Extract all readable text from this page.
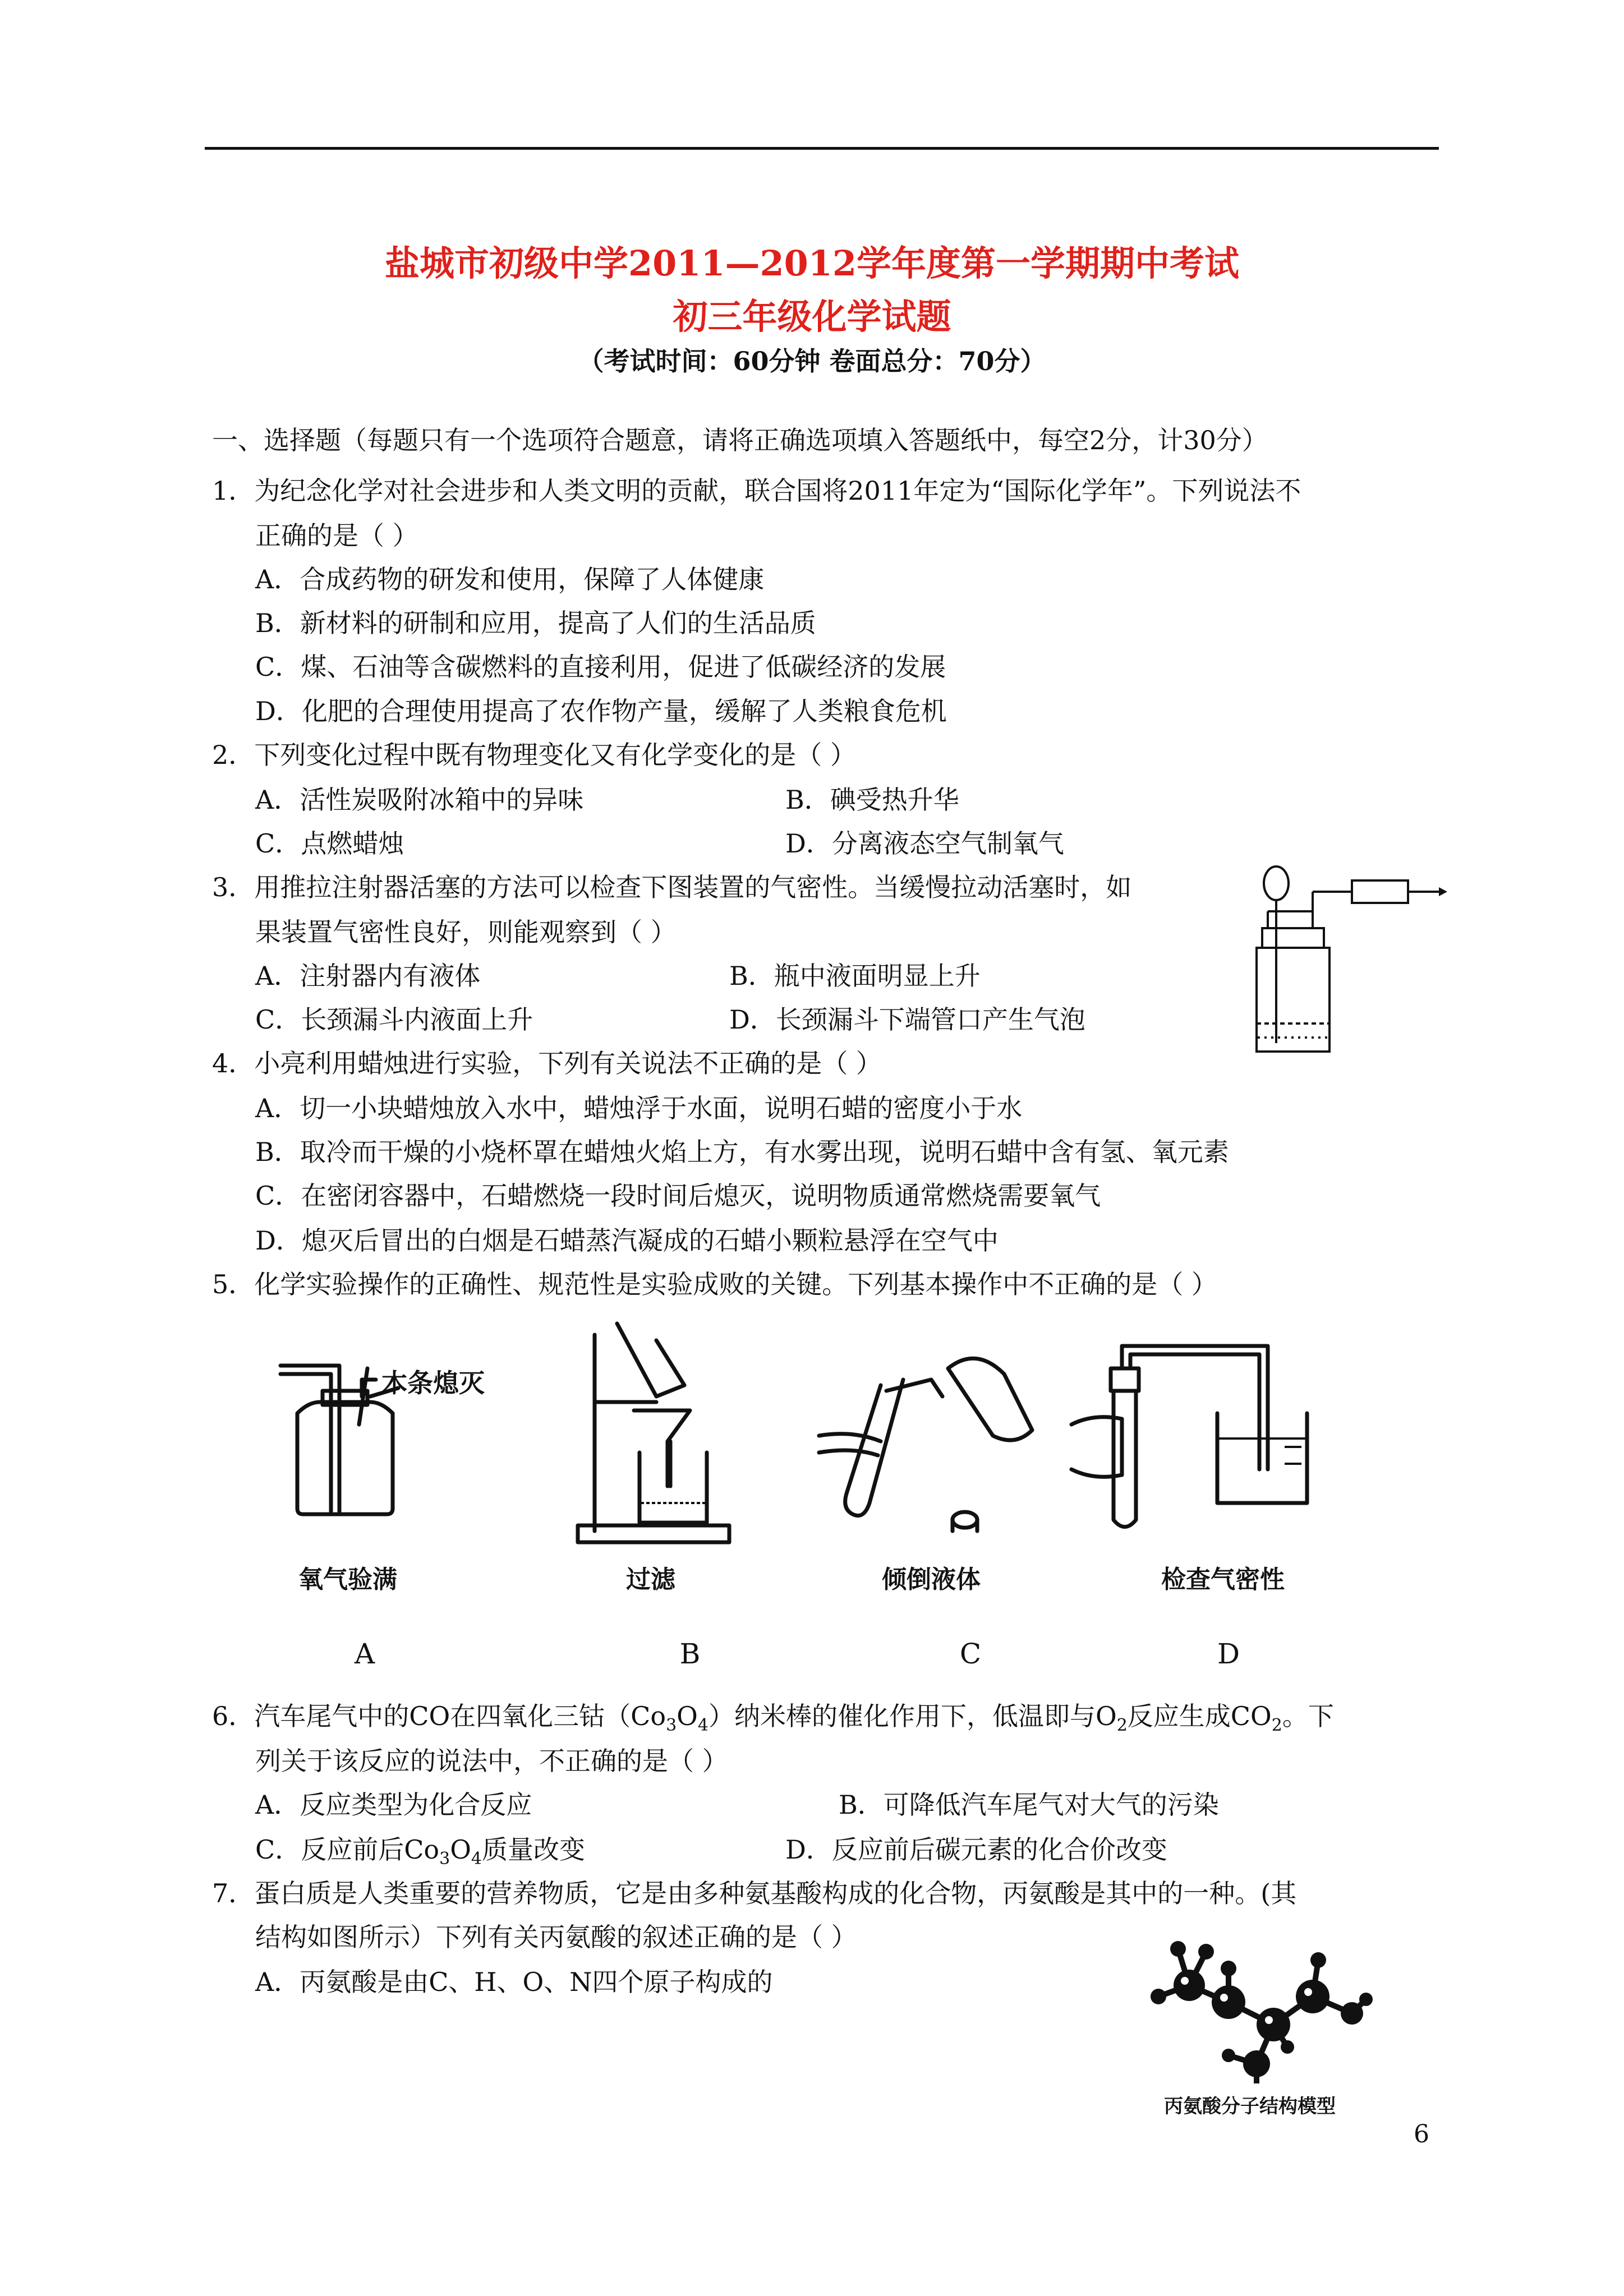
盐城市初级中学2011—2012学年度第一学期期中考试
初三年级化学试题
（考试时间：60分钟 卷面总分：70分）
一、选择题（每题只有一个选项符合题意，请将正确选项填入答题纸中，每空2分，计30分）
1．为纪念化学对社会进步和人类文明的贡献，联合国将2011年定为“国际化学年”。下列说法不
正确的是（ ）
A．合成药物的研发和使用，保障了人体健康
B．新材料的研制和应用，提高了人们的生活品质
C．煤、石油等含碳燃料的直接利用，促进了低碳经济的发展
D．化肥的合理使用提高了农作物产量，缓解了人类粮食危机
2．下列变化过程中既有物理变化又有化学变化的是（ ）
A．活性炭吸附冰箱中的异味	B．碘受热升华
C．点燃蜡烛	D．分离液态空气制氧气
3．用推拉注射器活塞的方法可以检查下图装置的气密性。当缓慢拉动活塞时，如
果装置气密性良好，则能观察到（ ）
A．注射器内有液体	B．瓶中液面明显上升
C．长颈漏斗内液面上升	D．长颈漏斗下端管口产生气泡
4．小亮利用蜡烛进行实验，下列有关说法不正确的是（ ）
A．切一小块蜡烛放入水中，蜡烛浮于水面，说明石蜡的密度小于水
B．取冷而干燥的小烧杯罩在蜡烛火焰上方，有水雾出现，说明石蜡中含有氢、氧元素
C．在密闭容器中，石蜡燃烧一段时间后熄灭，说明物质通常燃烧需要氧气
D．熄灭后冒出的白烟是石蜡蒸汽凝成的石蜡小颗粒悬浮在空气中
5．化学实验操作的正确性、规范性是实验成败的关键。下列基本操作中不正确的是（ ）
木条熄灭
氧气验满	过滤	倾倒液体	检查气密性
A	B	C	D
6．汽车尾气中的CO在四氧化三钴$(Co_3O_4)$纳米棒的催化作用下，低温即与$O_2$反应生成$CO_2$。下
列关于该反应的说法中，不正确的是（ ）
A．反应类型为化合反应	B．可降低汽车尾气对大气的污染
C．反应前后$Co_3O_4$质量改变	D．反应前后碳元素的化合价改变
7．蛋白质是人类重要的营养物质，它是由多种氨基酸构成的化合物，丙氨酸是其中的一种。(其
结构如图所示）下列有关丙氨酸的叙述正确的是（ ）
A．丙氨酸是由C、H、O、N四个原子构成的
丙氨酸分子结构模型
6
